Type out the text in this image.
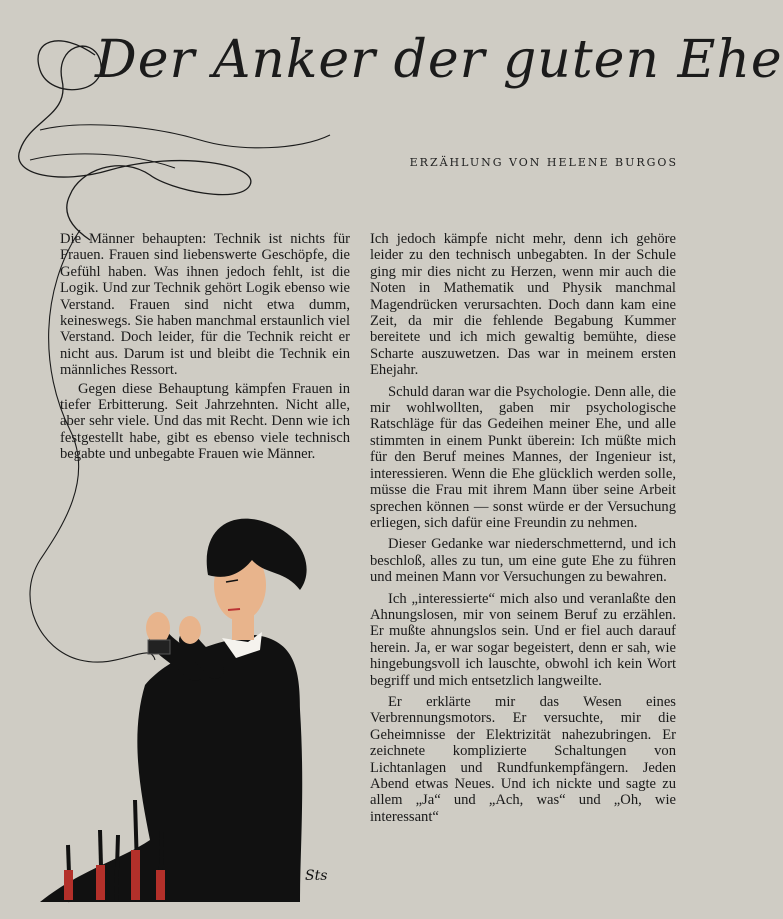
Der Anker der guten Ehe
ERZÄHLUNG VON HELENE BURGOS
Sts

Die Männer behaupten: Technik ist nichts für Frauen. Frauen sind liebenswerte Geschöpfe, die Gefühl haben. Was ihnen jedoch fehlt, ist die Logik. Und zur Technik gehört Logik ebenso wie Verstand. Frauen sind nicht etwa dumm, keineswegs. Sie haben manchmal erstaunlich viel Verstand. Doch leider, für die Technik reicht er nicht aus. Darum ist und bleibt die Technik ein männliches Ressort.

Gegen diese Behauptung kämpfen Frauen in tiefer Erbitterung. Seit Jahrzehnten. Nicht alle, aber sehr viele. Und das mit Recht. Denn wie ich festgestellt habe, gibt es ebenso viele technisch begabte und unbegabte Frauen wie Männer.

Ich jedoch kämpfe nicht mehr, denn ich gehöre leider zu den technisch unbegabten. In der Schule ging mir dies nicht zu Herzen, wenn mir auch die Noten in Mathematik und Physik manchmal Magendrücken verursachten. Doch dann kam eine Zeit, da mir die fehlende Begabung Kummer bereitete und ich mich gewaltig bemühte, diese Scharte auszuwetzen. Das war in meinem ersten Ehejahr.

Schuld daran war die Psychologie. Denn alle, die mir wohlwollten, gaben mir psychologische Ratschläge für das Gedeihen meiner Ehe, und alle stimmten in einem Punkt überein: Ich müßte mich für den Beruf meines Mannes, der Ingenieur ist, interessieren. Wenn die Ehe glücklich werden solle, müsse die Frau mit ihrem Mann über seine Arbeit sprechen können — sonst würde er der Versuchung erliegen, sich dafür eine Freundin zu nehmen.

Dieser Gedanke war niederschmetternd, und ich beschloß, alles zu tun, um eine gute Ehe zu führen und meinen Mann vor Versuchungen zu bewahren.

Ich „interessierte“ mich also und veranlaßte den Ahnungslosen, mir von seinem Beruf zu erzählen. Er mußte ahnungslos sein. Und er fiel auch darauf herein. Ja, er war sogar begeistert, denn er sah, wie hingebungsvoll ich lauschte, obwohl ich kein Wort begriff und mich entsetzlich langweilte.

Er erklärte mir das Wesen eines Verbrennungsmotors. Er versuchte, mir die Geheimnisse der Elektrizität nahezubringen. Er zeichnete komplizierte Schaltungen von Lichtanlagen und Rundfunkempfängern. Jeden Abend etwas Neues. Und ich nickte und sagte zu allem „Ja“ und „Ach, was“ und „Oh, wie interessant“
